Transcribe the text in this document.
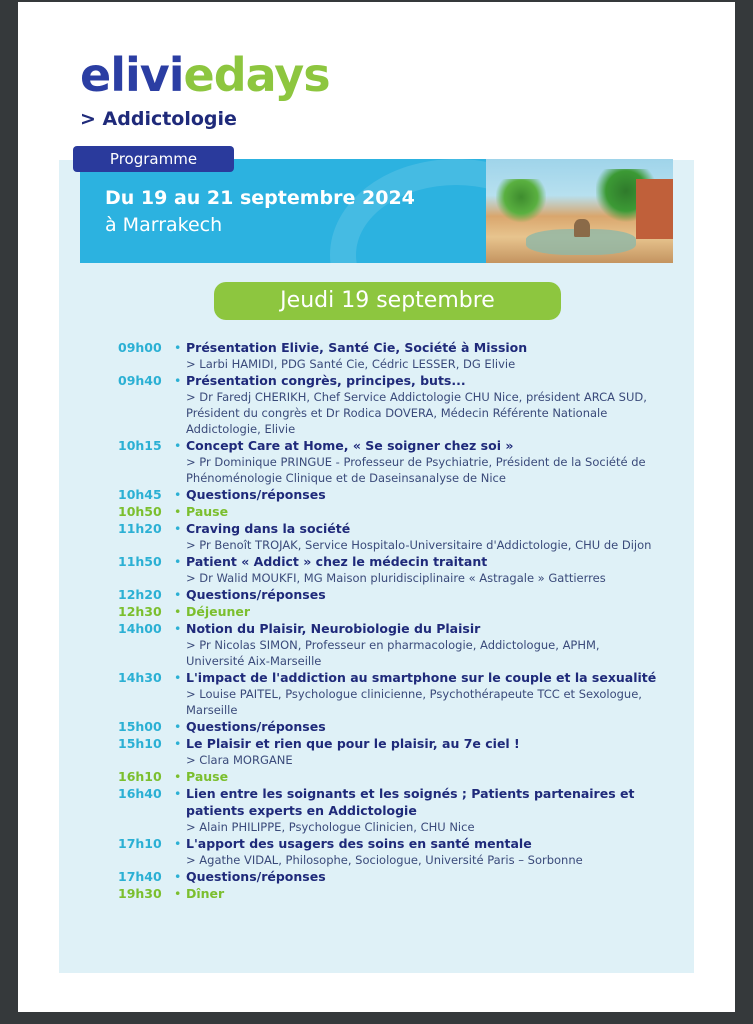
eliviedays
> Addictologie
Du 19 au 21 septembre 2024
à Marrakech
Programme
Jeudi 19 septembre
09h00 • Présentation Elivie, Santé Cie, Société à Mission
> Larbi HAMIDI, PDG Santé Cie, Cédric LESSER, DG Elivie
09h40 • Présentation congrès, principes, buts...
> Dr Faredj CHERIKH, Chef Service Addictologie CHU Nice, président ARCA SUD,
Président du congrès et Dr Rodica DOVERA, Médecin Référente Nationale
Addictologie, Elivie
10h15 • Concept Care at Home, « Se soigner chez soi »
> Pr Dominique PRINGUE - Professeur de Psychiatrie, Président de la Société de
Phénoménologie Clinique et de Daseinsanalyse de Nice
10h45 • Questions/réponses
10h50 • Pause
11h20 • Craving dans la société
> Pr Benoît TROJAK, Service Hospitalo-Universitaire d'Addictologie, CHU de Dijon
11h50 • Patient « Addict » chez le médecin traitant
> Dr Walid MOUKFI, MG Maison pluridisciplinaire « Astragale » Gattierres
12h20 • Questions/réponses
12h30 • Déjeuner
14h00 • Notion du Plaisir, Neurobiologie du Plaisir
> Pr Nicolas SIMON, Professeur en pharmacologie, Addictologue, APHM,
Université Aix-Marseille
14h30 • L'impact de l'addiction au smartphone sur le couple et la sexualité
> Louise PAITEL, Psychologue clinicienne, Psychothérapeute TCC et Sexologue,
Marseille
15h00 • Questions/réponses
15h10 • Le Plaisir et rien que pour le plaisir, au 7e ciel !
> Clara MORGANE
16h10 • Pause
16h40 • Lien entre les soignants et les soignés ; Patients partenaires et
patients experts en Addictologie
> Alain PHILIPPE, Psychologue Clinicien, CHU Nice
17h10 • L'apport des usagers des soins en santé mentale
> Agathe VIDAL, Philosophe, Sociologue, Université Paris – Sorbonne
17h40 • Questions/réponses
19h30 • Dîner
